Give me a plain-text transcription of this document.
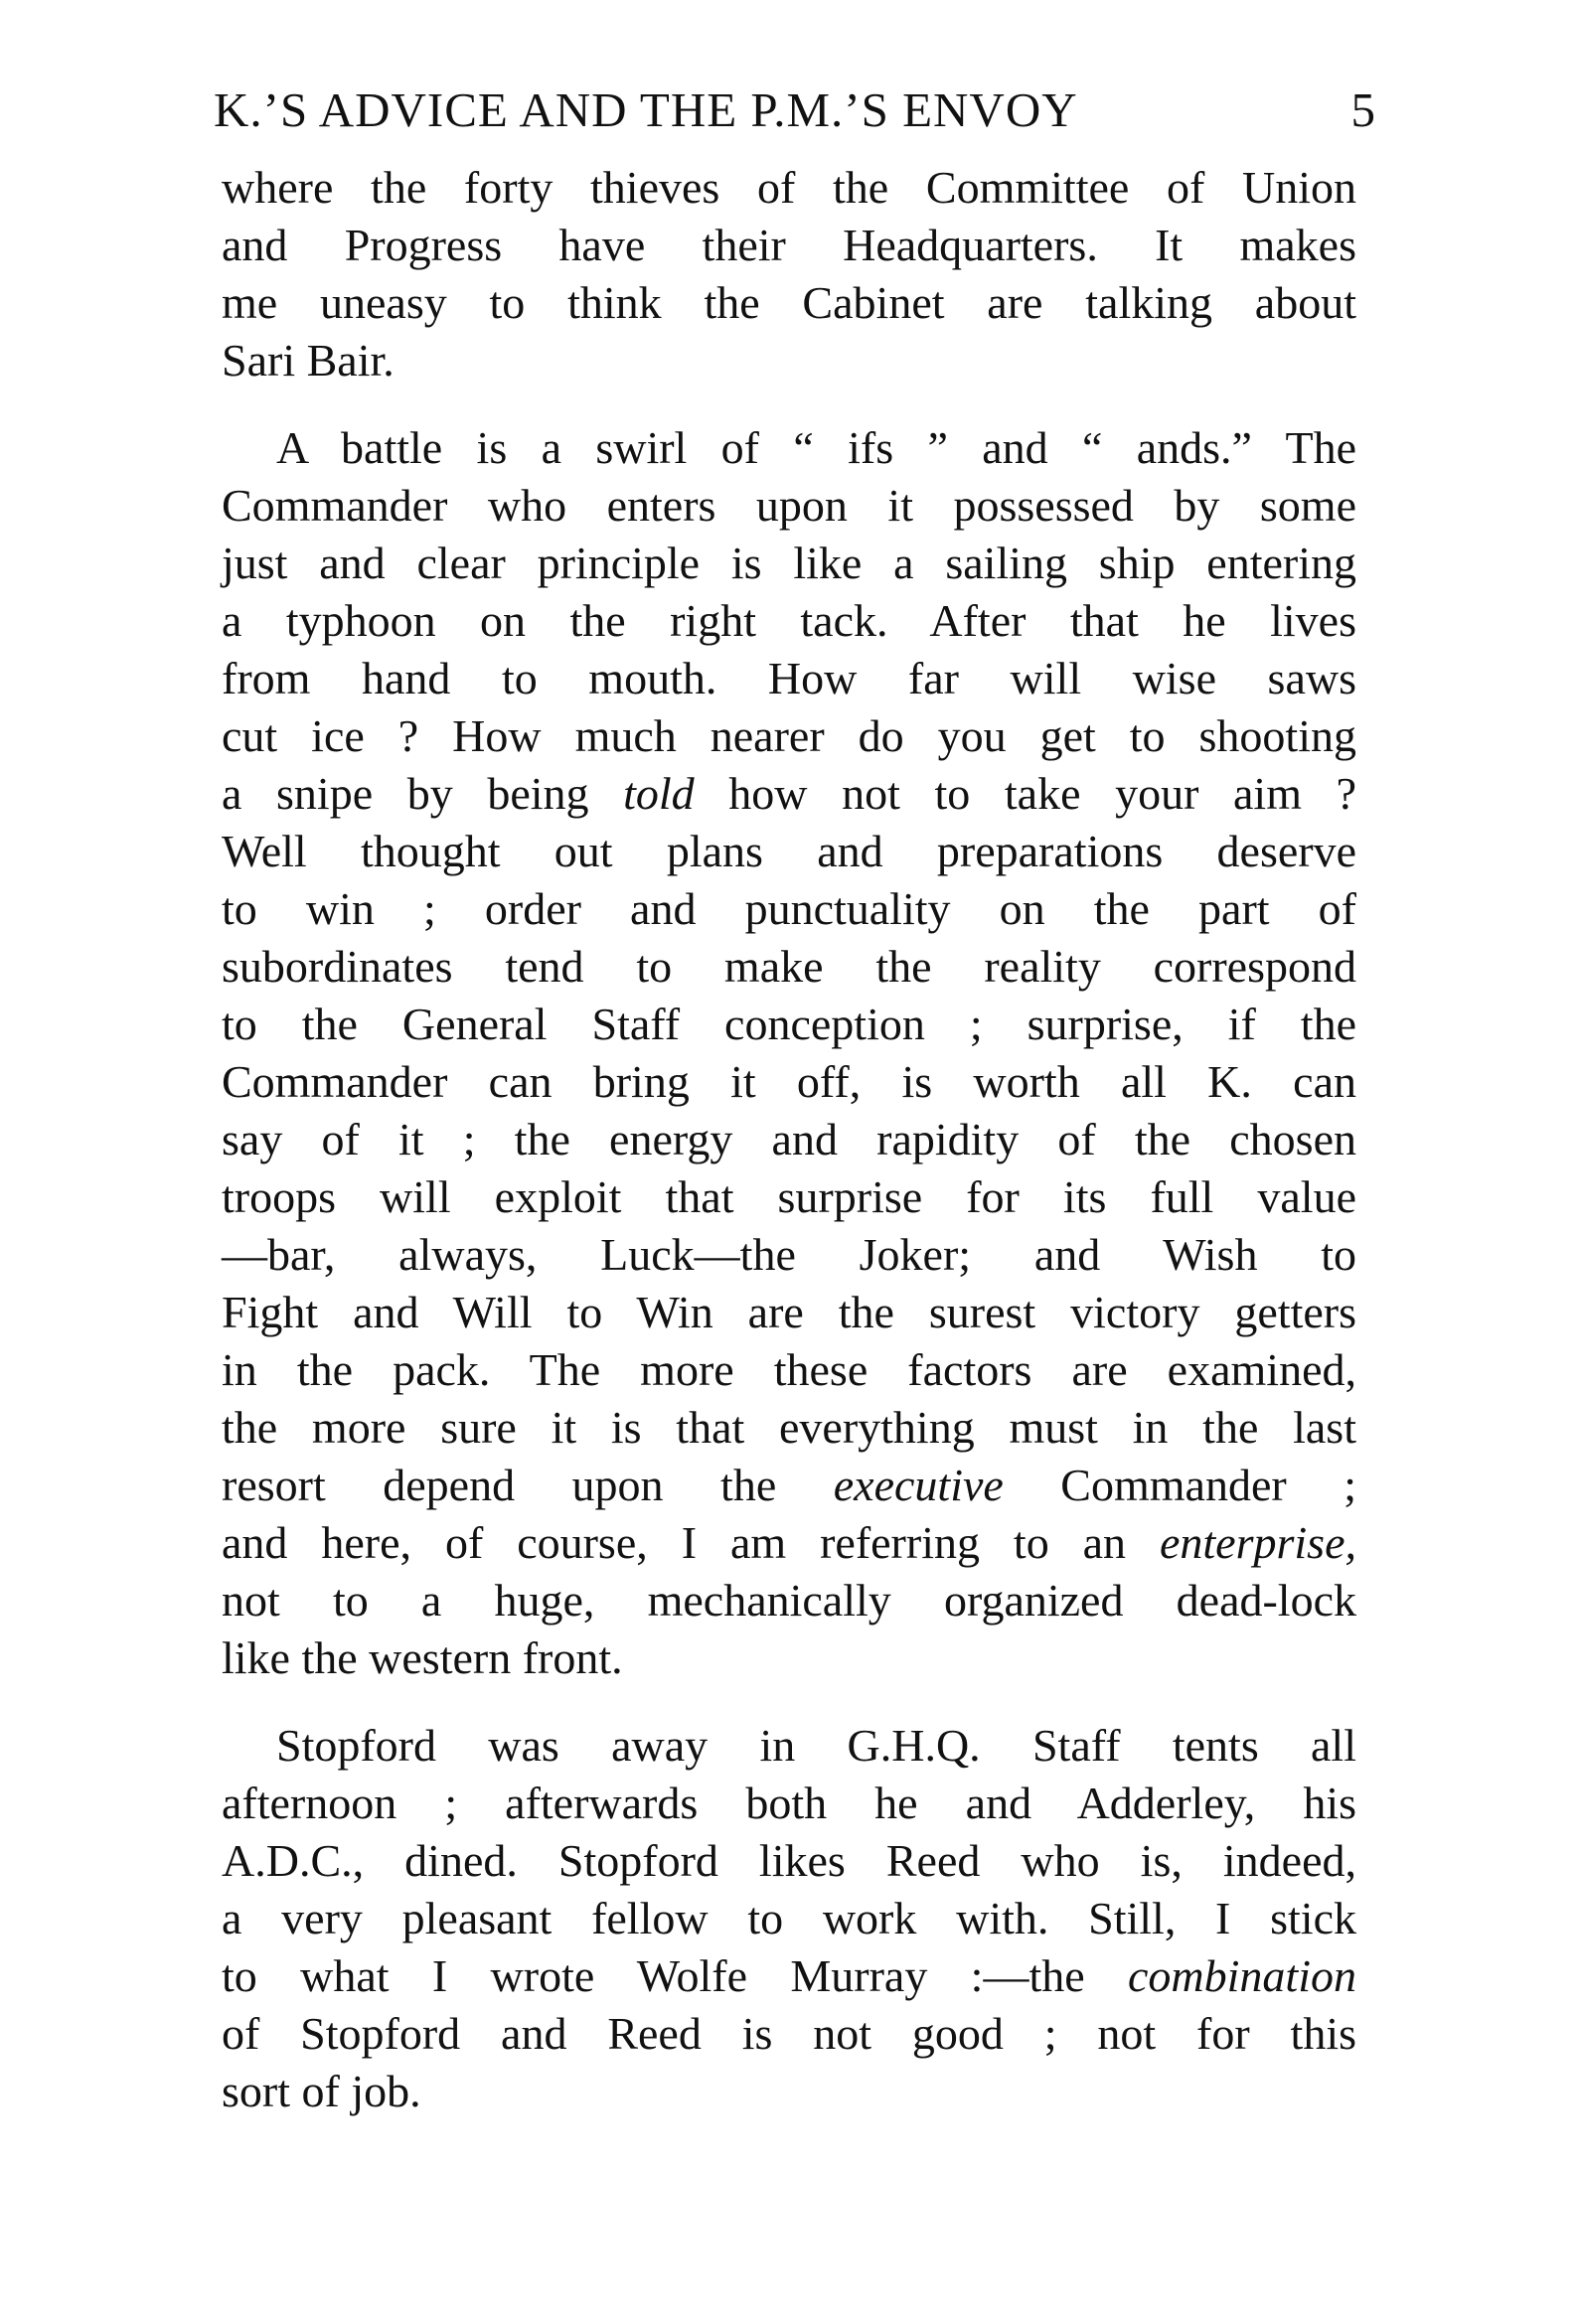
K.’S ADVICE AND THE P.M.’S ENVOY	5
where the forty thieves of the Committee of Union
and Progress have their Headquarters. It makes
me uneasy to think the Cabinet are talking about
Sari Bair.
A battle is a swirl of “ ifs ” and “ ands.” The
Commander who enters upon it possessed by some
just and clear principle is like a sailing ship entering
a typhoon on the right tack. After that he lives
from hand to mouth. How far will wise saws
cut ice ? How much nearer do you get to shooting
a snipe by being told how not to take your aim ?
Well thought out plans and preparations deserve
to win ; order and punctuality on the part of
subordinates tend to make the reality correspond
to the General Staff conception ; surprise, if the
Commander can bring it off, is worth all K. can
say of it ; the energy and rapidity of the chosen
troops will exploit that surprise for its full value
—bar, always, Luck—the Joker; and Wish to
Fight and Will to Win are the surest victory getters
in the pack. The more these factors are examined,
the more sure it is that everything must in the last
resort depend upon the executive Commander ;
and here, of course, I am referring to an enterprise,
not to a huge, mechanically organized dead-lock
like the western front.
Stopford was away in G.H.Q. Staff tents all
afternoon ; afterwards both he and Adderley, his
A.D.C., dined. Stopford likes Reed who is, indeed,
a very pleasant fellow to work with. Still, I stick
to what I wrote Wolfe Murray :—the combination
of Stopford and Reed is not good ; not for this
sort of job.
